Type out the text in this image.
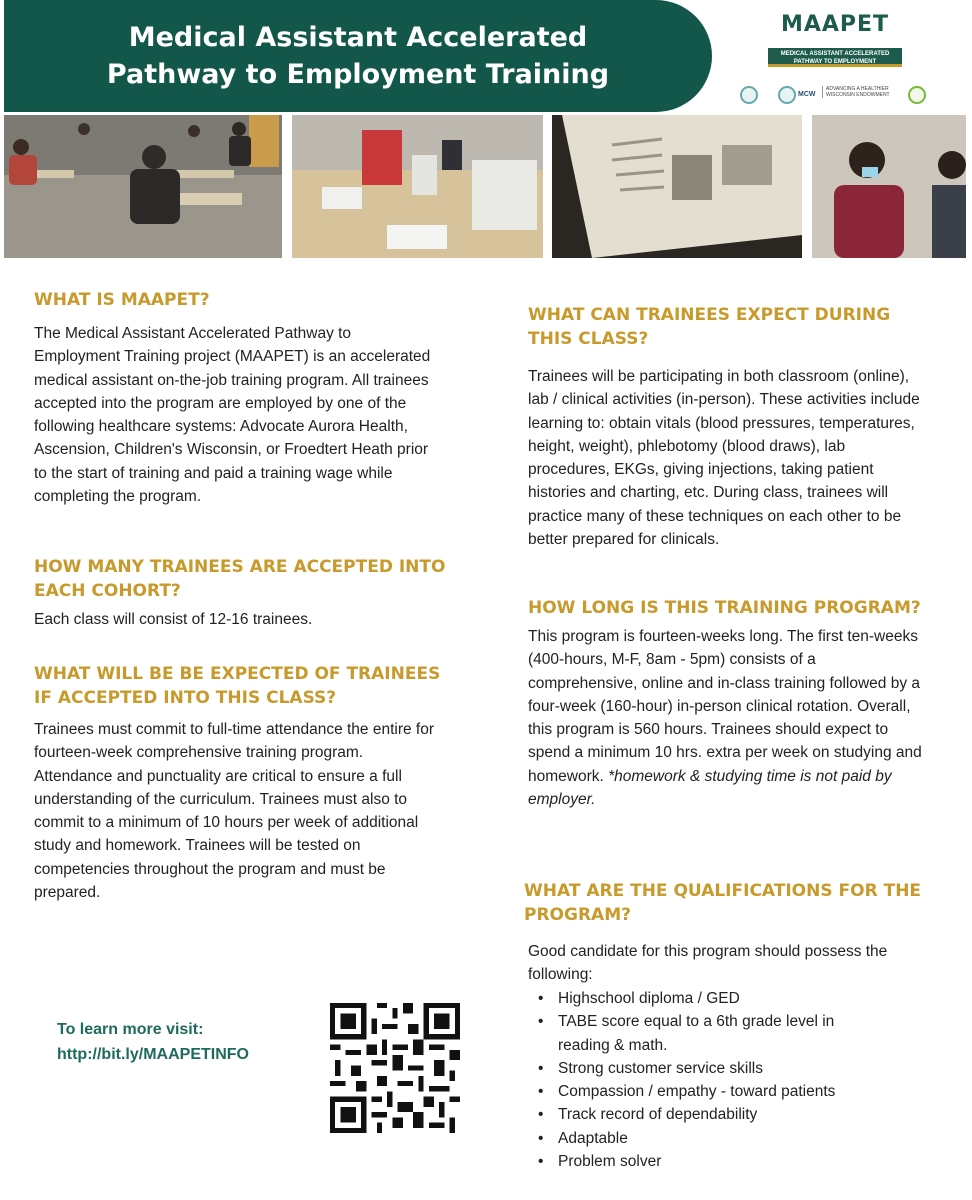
Medical Assistant Accelerated
Pathway to Employment Training
MAAPET
MEDICAL ASSISTANT ACCELERATED PATHWAY TO EMPLOYMENT
MCW
ADVANCING A HEALTHIER WISCONSIN ENDOWMENT
WHAT IS MAAPET?

The Medical Assistant Accelerated Pathway to Employment Training project (MAAPET) is an accelerated medical assistant on-the-job training program. All trainees accepted into the program are employed by one of the following healthcare systems: Advocate Aurora Health, Ascension, Children's Wisconsin, or Froedtert Heath prior to the start of training and paid a training wage while completing the program.

HOW MANY TRAINEES ARE ACCEPTED INTO EACH COHORT?

Each class will consist of 12-16 trainees.

WHAT WILL BE BE EXPECTED OF TRAINEES IF ACCEPTED INTO THIS CLASS?

Trainees must commit to full-time attendance the entire for fourteen-week comprehensive training program. Attendance and punctuality are critical to ensure a full understanding of the curriculum. Trainees must also to commit to a minimum of 10 hours per week of additional study and homework. Trainees will be tested on competencies throughout the program and must be prepared.

WHAT CAN TRAINEES EXPECT DURING THIS CLASS?

Trainees will be participating in both classroom (online), lab / clinical activities (in-person). These activities include learning to: obtain vitals (blood pressures, temperatures, height, weight), phlebotomy (blood draws), lab procedures, EKGs, giving injections, taking patient histories and charting, etc. During class, trainees will practice many of these techniques on each other to be better prepared for clinicals.

HOW LONG IS THIS TRAINING PROGRAM?

This program is fourteen-weeks long. The first ten-weeks (400-hours, M-F, 8am - 5pm) consists of a comprehensive, online and in-class training followed by a four-week (160-hour) in-person clinical rotation. Overall, this program is 560 hours. Trainees should expect to spend a minimum 10 hrs. extra per week on studying and homework. *homework & studying time is not paid by employer.

WHAT ARE THE QUALIFICATIONS FOR THE PROGRAM?

Good candidate for this program should possess the following:

• Highschool diploma / GED
• TABE score equal to a 6th grade level in reading & math.
• Strong customer service skills
• Compassion / empathy - toward patients
• Track record of dependability
• Adaptable
• Problem solver
To learn more visit:
http://bit.ly/MAAPETINFO
